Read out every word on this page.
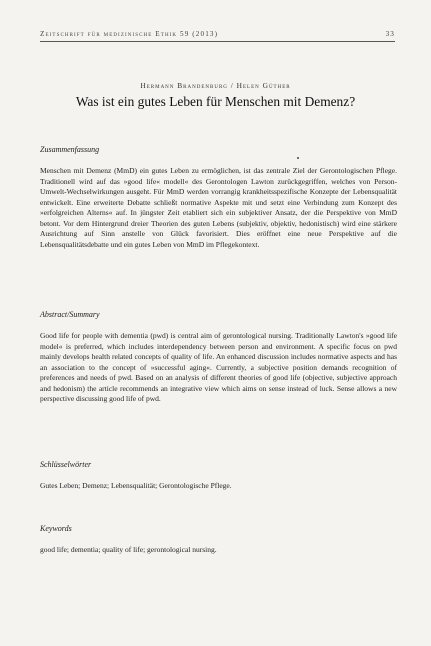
Zeitschrift für medizinische Ethik 59 (2013)	33
Hermann Brandenburg / Helen Güther
Was ist ein gutes Leben für Menschen mit Demenz?
Zusammenfassung
Menschen mit Demenz (MmD) ein gutes Leben zu ermöglichen, ist das zentrale Ziel der Gerontologischen Pflege. Traditionell wird auf das »good life« modell« des Gerontologen Lawton zurückgegriffen, welches von Person-Umwelt-Wechselwirkungen ausgeht. Für MmD werden vorrangig krankheitsspezifische Konzepte der Lebensqualität entwickelt. Eine erweiterte Debatte schließt normative Aspekte mit und setzt eine Verbindung zum Konzept des »erfolgreichen Alterns« auf. In jüngster Zeit etabliert sich ein subjektiver Ansatz, der die Perspektive von MmD betont. Vor dem Hintergrund dreier Theorien des guten Lebens (subjektiv, objektiv, hedonistisch) wird eine stärkere Ausrichtung auf Sinn anstelle von Glück favorisiert. Dies eröffnet eine neue Perspektive auf die Lebensqualitätsdebatte und ein gutes Leben von MmD im Pflegekontext.
Abstract/Summary
Good life for people with dementia (pwd) is central aim of gerontological nursing. Traditionally Lawton's »good life model« is preferred, which includes interdependency between person and environment. A specific focus on pwd mainly develops health related concepts of quality of life. An enhanced discussion includes normative aspects and has an association to the concept of »successful aging«. Currently, a subjective position demands recognition of preferences and needs of pwd. Based on an analysis of different theories of good life (objective, subjective approach and hedonism) the article recommends an integrative view which aims on sense instead of luck. Sense allows a new perspective discussing good life of pwd.
Schlüsselwörter
Gutes Leben; Demenz; Lebensqualität; Gerontologische Pflege.
Keywords
good life; dementia; quality of life; gerontological nursing.
